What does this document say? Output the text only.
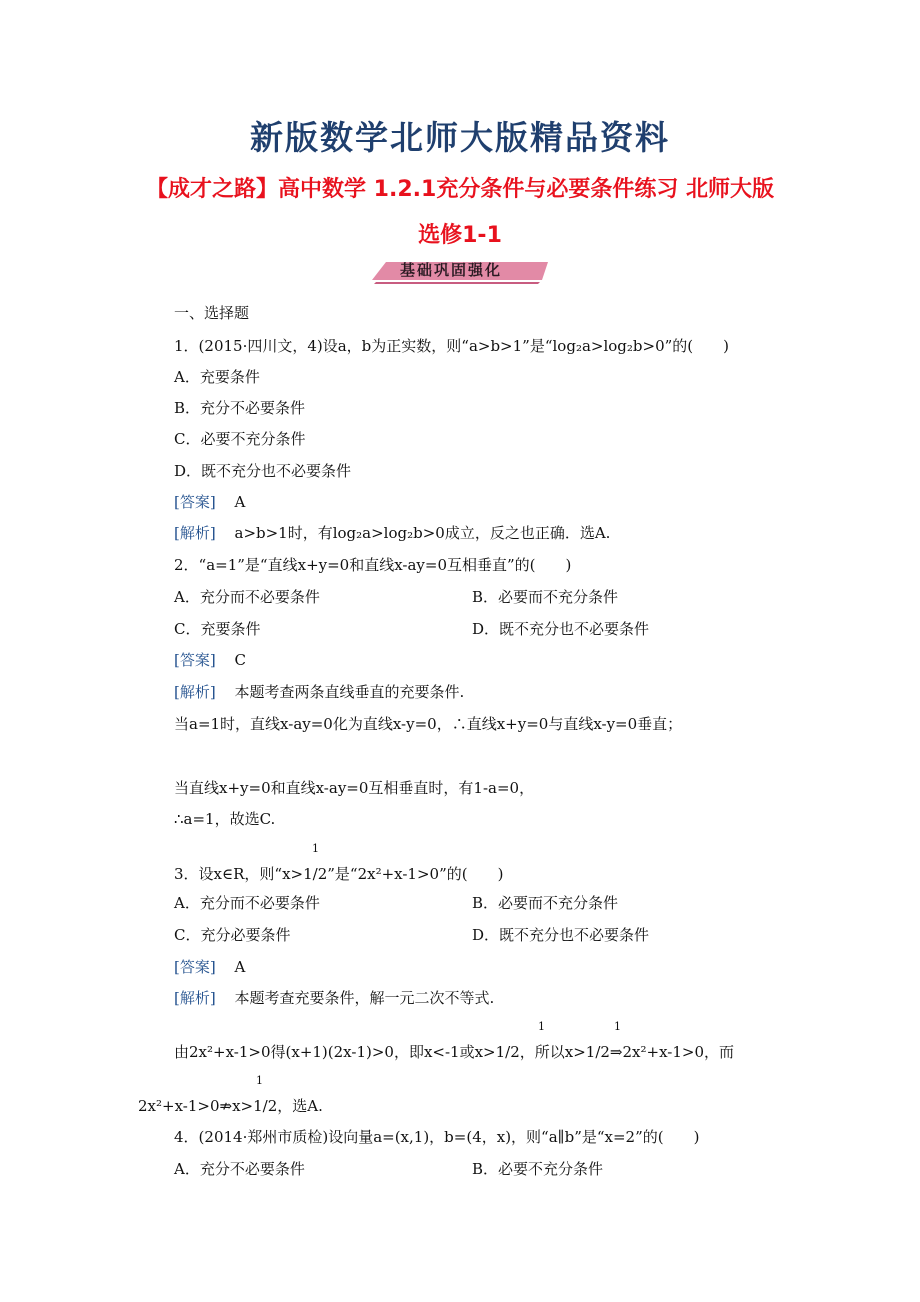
新版数学北师大版精品资料
【成才之路】高中数学 1.2.1充分条件与必要条件练习 北师大版
选修1-1
基础巩固强化
一、选择题
1．(2015·四川文，4)设a，b为正实数，则“a>b>1”是“log₂a>log₂b>0”的(　　)
A．充要条件
B．充分不必要条件
C．必要不充分条件
D．既不充分也不必要条件
[答案] A
[解析] a>b>1时，有log₂a>log₂b>0成立，反之也正确．选A.
2．“a=1”是“直线x+y=0和直线x-ay=0互相垂直”的(　　)
A．充分而不必要条件	B．必要而不充分条件
C．充要条件	D．既不充分也不必要条件
[答案] C
[解析] 本题考查两条直线垂直的充要条件.
当a=1时，直线x-ay=0化为直线x-y=0，∴直线x+y=0与直线x-y=0垂直；
当直线x+y=0和直线x-ay=0互相垂直时，有1-a=0，
∴a=1，故选C.
1
3．设x∈R，则“x>1/2”是“2x²+x-1>0”的(　　)
A．充分而不必要条件	B．必要而不充分条件
C．充分必要条件	D．既不充分也不必要条件
[答案] A
[解析] 本题考查充要条件，解一元二次不等式.
1	1
由2x²+x-1>0得(x+1)(2x-1)>0，即x<-1或x>1/2，所以x>1/2⇒2x²+x-1>0，而
1
2x²+x-1>0⇏x>1/2，选A.
4．(2014·郑州市质检)设向量a=(x,1)，b=(4，x)，则“a∥b”是“x=2”的(　　)
A．充分不必要条件	B．必要不充分条件
